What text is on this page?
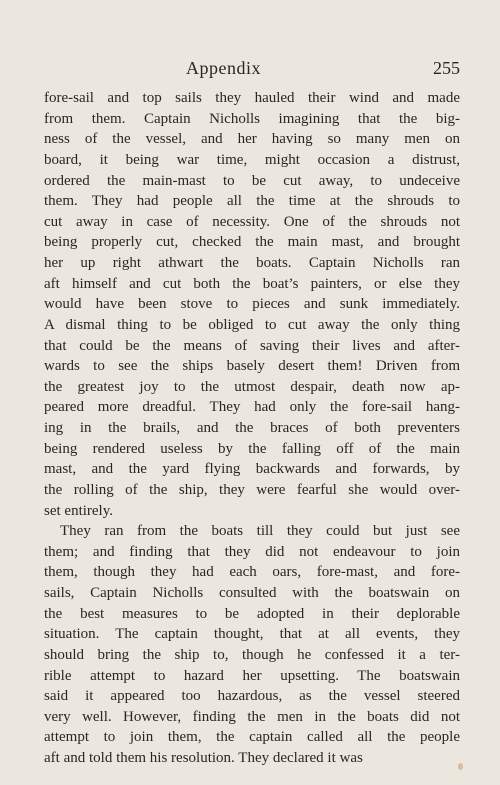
Appendix	255
fore-sail and top sails they hauled their wind and made
from them. Captain Nicholls imagining that the big-
ness of the vessel, and her having so many men on
board, it being war time, might occasion a distrust,
ordered the main-mast to be cut away, to undeceive
them. They had people all the time at the shrouds to
cut away in case of necessity. One of the shrouds not
being properly cut, checked the main mast, and brought
her up right athwart the boats. Captain Nicholls ran
aft himself and cut both the boat’s painters, or else they
would have been stove to pieces and sunk immediately.
A dismal thing to be obliged to cut away the only thing
that could be the means of saving their lives and after-
wards to see the ships basely desert them! Driven from
the greatest joy to the utmost despair, death now ap-
peared more dreadful. They had only the fore-sail hang-
ing in the brails, and the braces of both preventers
being rendered useless by the falling off of the main
mast, and the yard flying backwards and forwards, by
the rolling of the ship, they were fearful she would over-
set entirely.
They ran from the boats till they could but just see
them; and finding that they did not endeavour to join
them, though they had each oars, fore-mast, and fore-
sails, Captain Nicholls consulted with the boatswain on
the best measures to be adopted in their deplorable
situation. The captain thought, that at all events, they
should bring the ship to, though he confessed it a ter-
rible attempt to hazard her upsetting. The boatswain
said it appeared too hazardous, as the vessel steered
very well. However, finding the men in the boats did not
attempt to join them, the captain called all the people
aft and told them his resolution. They declared it was
